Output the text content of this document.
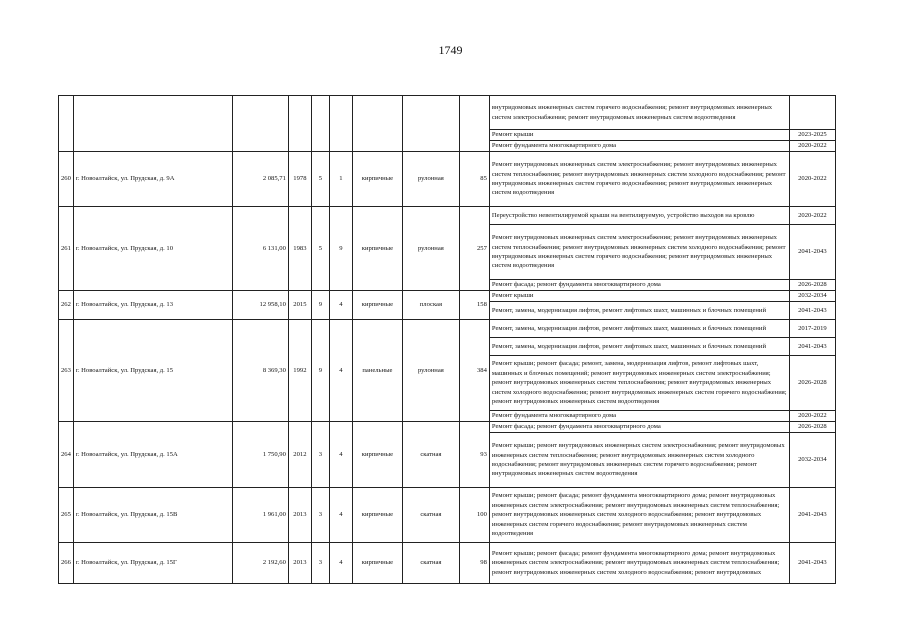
1749
									внутридомовых инженерных систем горячего водоснабжения; ремонт внутридомовых инженерных систем электроснабжения; ремонт внутридомовых инженерных систем водоотведения	
									Ремонт крыши	2023-2025
									Ремонт фундамента многоквартирного дома	2020-2022
260	г. Новоалтайск, ул. Прудская, д. 9А	2 085,71	1978	5	1	кирпичные	рулонная	85	Ремонт внутридомовых инженерных систем электроснабжения; ремонт внутридомовых инженерных систем теплоснабжения; ремонт внутридомовых инженерных систем холодного водоснабжения; ремонт внутридомовых инженерных систем горячего водоснабжения; ремонт внутридомовых инженерных систем водоотведения	2020-2022
261	г. Новоалтайск, ул. Прудская, д. 10	6 131,00	1983	5	9	кирпичные	рулонная	257	Переустройство невентилируемой крыши на вентилируемую, устройство выходов на кровлю	2020-2022
									Ремонт внутридомовых инженерных систем электроснабжения; ремонт внутридомовых инженерных систем теплоснабжения; ремонт внутридомовых инженерных систем холодного водоснабжения; ремонт внутридомовых инженерных систем горячего водоснабжения; ремонт внутридомовых инженерных систем водоотведения	2041-2043
									Ремонт фасада; ремонт фундамента многоквартирного дома	2026-2028
262	г. Новоалтайск, ул. Прудская, д. 13	12 958,10	2015	9	4	кирпичные	плоская	158	Ремонт крыши	2032-2034
									Ремонт, замена, модернизация лифтов, ремонт лифтовых шахт, машинных и блочных помещений	2041-2043
263	г. Новоалтайск, ул. Прудская, д. 15	8 369,30	1992	9	4	панельные	рулонная	384	Ремонт, замена, модернизация лифтов, ремонт лифтовых шахт, машинных и блочных помещений	2017-2019
									Ремонт, замена, модернизация лифтов, ремонт лифтовых шахт, машинных и блочных помещений	2041-2043
									Ремонт крыши; ремонт фасада; ремонт, замена, модернизация лифтов, ремонт лифтовых шахт, машинных и блочных помещений; ремонт внутридомовых инженерных систем электроснабжения; ремонт внутридомовых инженерных систем теплоснабжения; ремонт внутридомовых инженерных систем холодного водоснабжения; ремонт внутридомовых инженерных систем горячего водоснабжения; ремонт внутридомовых инженерных систем водоотведения	2026-2028
									Ремонт фундамента многоквартирного дома	2020-2022
264	г. Новоалтайск, ул. Прудская, д. 15А	1 750,90	2012	3	4	кирпичные	скатная	93	Ремонт фасада; ремонт фундамента многоквартирного дома	2026-2028
									Ремонт крыши; ремонт внутридомовых инженерных систем электроснабжения; ремонт внутридомовых инженерных систем теплоснабжения; ремонт внутридомовых инженерных систем холодного водоснабжения; ремонт внутридомовых инженерных систем горячего водоснабжения; ремонт внутридомовых инженерных систем водоотведения	2032-2034
265	г. Новоалтайск, ул. Прудская, д. 15В	1 961,00	2013	3	4	кирпичные	скатная	100	Ремонт крыши; ремонт фасада; ремонт фундамента многоквартирного дома; ремонт внутридомовых инженерных систем электроснабжения; ремонт внутридомовых инженерных систем теплоснабжения; ремонт внутридомовых инженерных систем холодного водоснабжения; ремонт внутридомовых инженерных систем горячего водоснабжения; ремонт внутридомовых инженерных систем водоотведения	2041-2043
266	г. Новоалтайск, ул. Прудская, д. 15Г	2 192,60	2013	3	4	кирпичные	скатная	98	Ремонт крыши; ремонт фасада; ремонт фундамента многоквартирного дома; ремонт внутридомовых инженерных систем электроснабжения; ремонт внутридомовых инженерных систем теплоснабжения; ремонт внутридомовых инженерных систем холодного водоснабжения; ремонт внутридомовых	2041-2043
